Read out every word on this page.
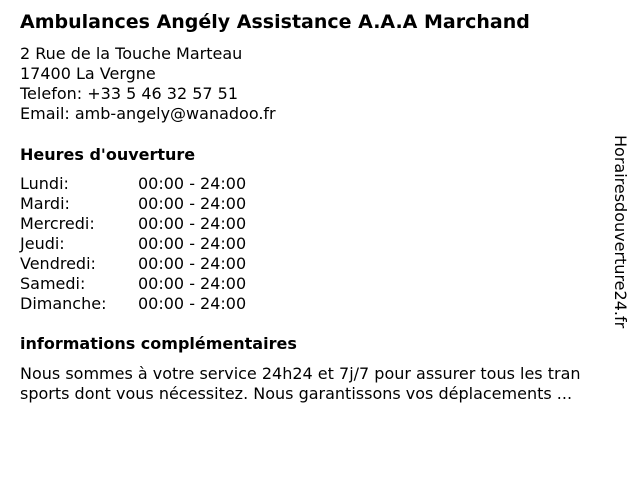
Ambulances Angély Assistance A.A.A Marchand
2 Rue de la Touche Marteau
17400 La Vergne
Telefon: +33 5 46 32 57 51
Email: amb-angely@wanadoo.fr
Heures d'ouverture
Lundi:	00:00 - 24:00
Mardi:	00:00 - 24:00
Mercredi:	00:00 - 24:00
Jeudi:	00:00 - 24:00
Vendredi:	00:00 - 24:00
Samedi:	00:00 - 24:00
Dimanche: 00:00 - 24:00
informations complémentaires
Nous sommes à votre service 24h24 et 7j/7 pour assurer tous les tran
sports dont vous nécessitez. Nous garantissons vos déplacements ...
Horairesdouverture24.fr
